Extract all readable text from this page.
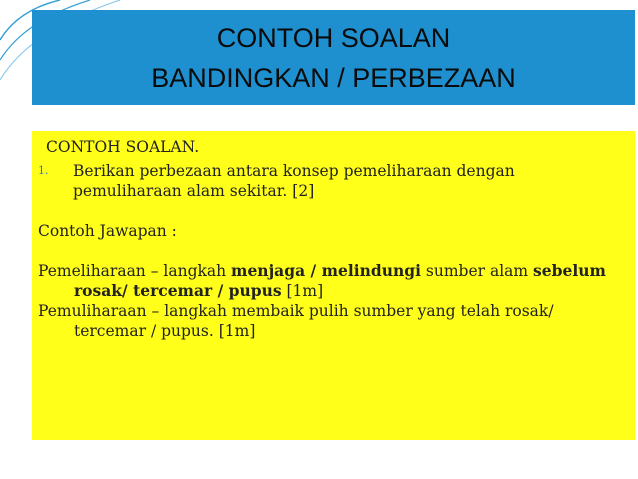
CONTOH SOALAN
BANDINGKAN / PERBEZAAN

CONTOH SOALAN.

1.	Berikan perbezaan antara konsep pemeliharaan dengan pemuliharaan alam sekitar. [2]

Contoh Jawapan :

Pemeliharaan – langkah menjaga / melindungi sumber alam sebelum rosak/ tercemar / pupus [1m]

Pemuliharaan – langkah membaik pulih sumber yang telah rosak/ tercemar / pupus. [1m]
